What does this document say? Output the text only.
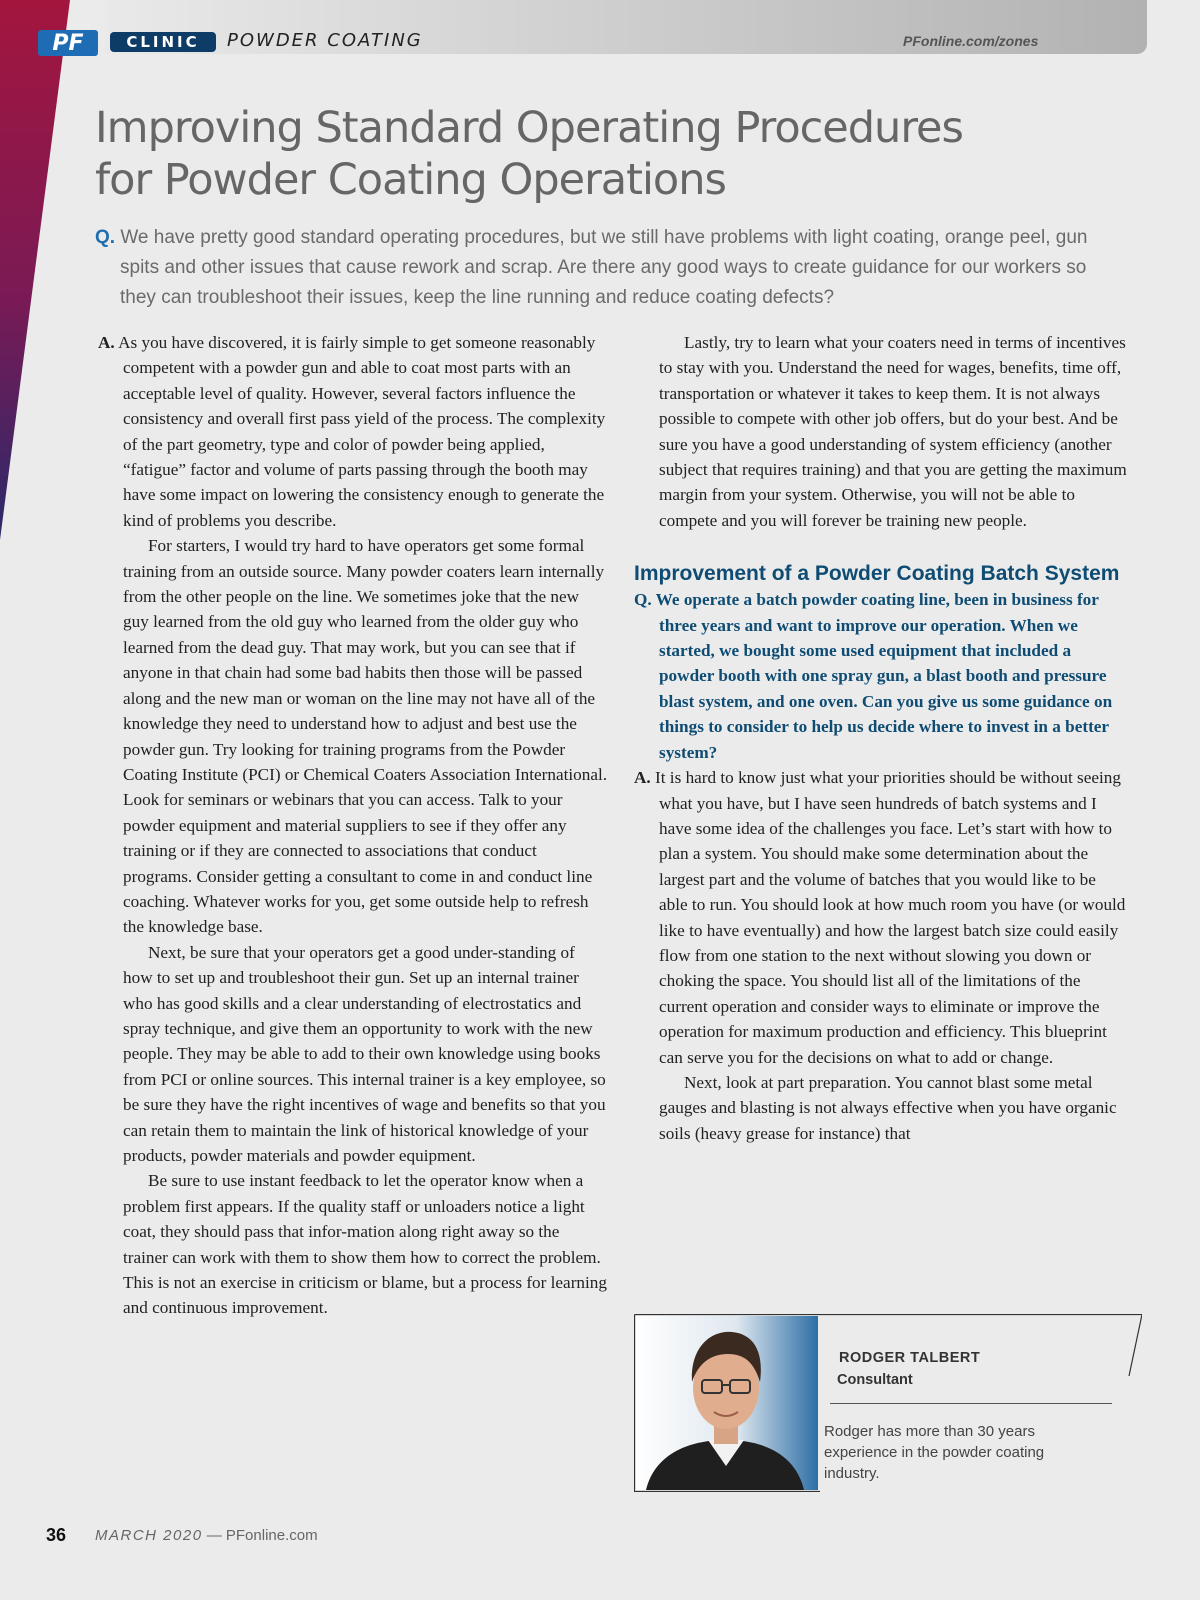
PF	CLINIC	POWDER COATING	PFonline.com/zones
Improving Standard Operating Procedures
for Powder Coating Operations
Q. We have pretty good standard operating procedures, but we still have problems with light coating, orange peel, gun spits and other issues that cause rework and scrap. Are there any good ways to create guidance for our workers so they can troubleshoot their issues, keep the line running and reduce coating defects?

A. As you have discovered, it is fairly simple to get someone reasonably competent with a powder gun and able to coat most parts with an acceptable level of quality. However, several factors influence the consistency and overall first pass yield of the process. The complexity of the part geometry, type and color of powder being applied, “fatigue” factor and volume of parts passing through the booth may have some impact on lowering the consistency enough to generate the kind of problems you describe.

For starters, I would try hard to have operators get some formal training from an outside source. Many powder coaters learn internally from the other people on the line. We sometimes joke that the new guy learned from the old guy who learned from the older guy who learned from the dead guy. That may work, but you can see that if anyone in that chain had some bad habits then those will be passed along and the new man or woman on the line may not have all of the knowledge they need to understand how to adjust and best use the powder gun. Try looking for training programs from the Powder Coating Institute (PCI) or Chemical Coaters Association International. Look for seminars or webinars that you can access. Talk to your powder equipment and material suppliers to see if they offer any training or if they are connected to associations that conduct programs. Consider getting a consultant to come in and conduct line coaching. Whatever works for you, get some outside help to refresh the knowledge base.

Next, be sure that your operators get a good under-standing of how to set up and troubleshoot their gun. Set up an internal trainer who has good skills and a clear understanding of electrostatics and spray technique, and give them an opportunity to work with the new people. They may be able to add to their own knowledge using books from PCI or online sources. This internal trainer is a key employee, so be sure they have the right incentives of wage and benefits so that you can retain them to maintain the link of historical knowledge of your products, powder materials and powder equipment.

Be sure to use instant feedback to let the operator know when a problem first appears. If the quality staff or unloaders notice a light coat, they should pass that infor-mation along right away so the trainer can work with them to show them how to correct the problem. This is not an exercise in criticism or blame, but a process for learning and continuous improvement.

Lastly, try to learn what your coaters need in terms of incentives to stay with you. Understand the need for wages, benefits, time off, transportation or whatever it takes to keep them. It is not always possible to compete with other job offers, but do your best. And be sure you have a good understanding of system efficiency (another subject that requires training) and that you are getting the maximum margin from your system. Otherwise, you will not be able to compete and you will forever be training new people.

Improvement of a Powder Coating Batch System

Q. We operate a batch powder coating line, been in business for three years and want to improve our operation. When we started, we bought some used equipment that included a powder booth with one spray gun, a blast booth and pressure blast system, and one oven. Can you give us some guidance on things to consider to help us decide where to invest in a better system?

A. It is hard to know just what your priorities should be without seeing what you have, but I have seen hundreds of batch systems and I have some idea of the challenges you face. Let’s start with how to plan a system. You should make some determination about the largest part and the volume of batches that you would like to be able to run. You should look at how much room you have (or would like to have eventually) and how the largest batch size could easily flow from one station to the next without slowing you down or choking the space. You should list all of the limitations of the current operation and consider ways to eliminate or improve the operation for maximum production and efficiency. This blueprint can serve you for the decisions on what to add or change.

Next, look at part preparation. You cannot blast some metal gauges and blasting is not always effective when you have organic soils (heavy grease for instance) that

RODGER TALBERT
Consultant
Rodger has more than 30 years experience in the powder coating industry.
36 MARCH 2020 — PFonline.com
